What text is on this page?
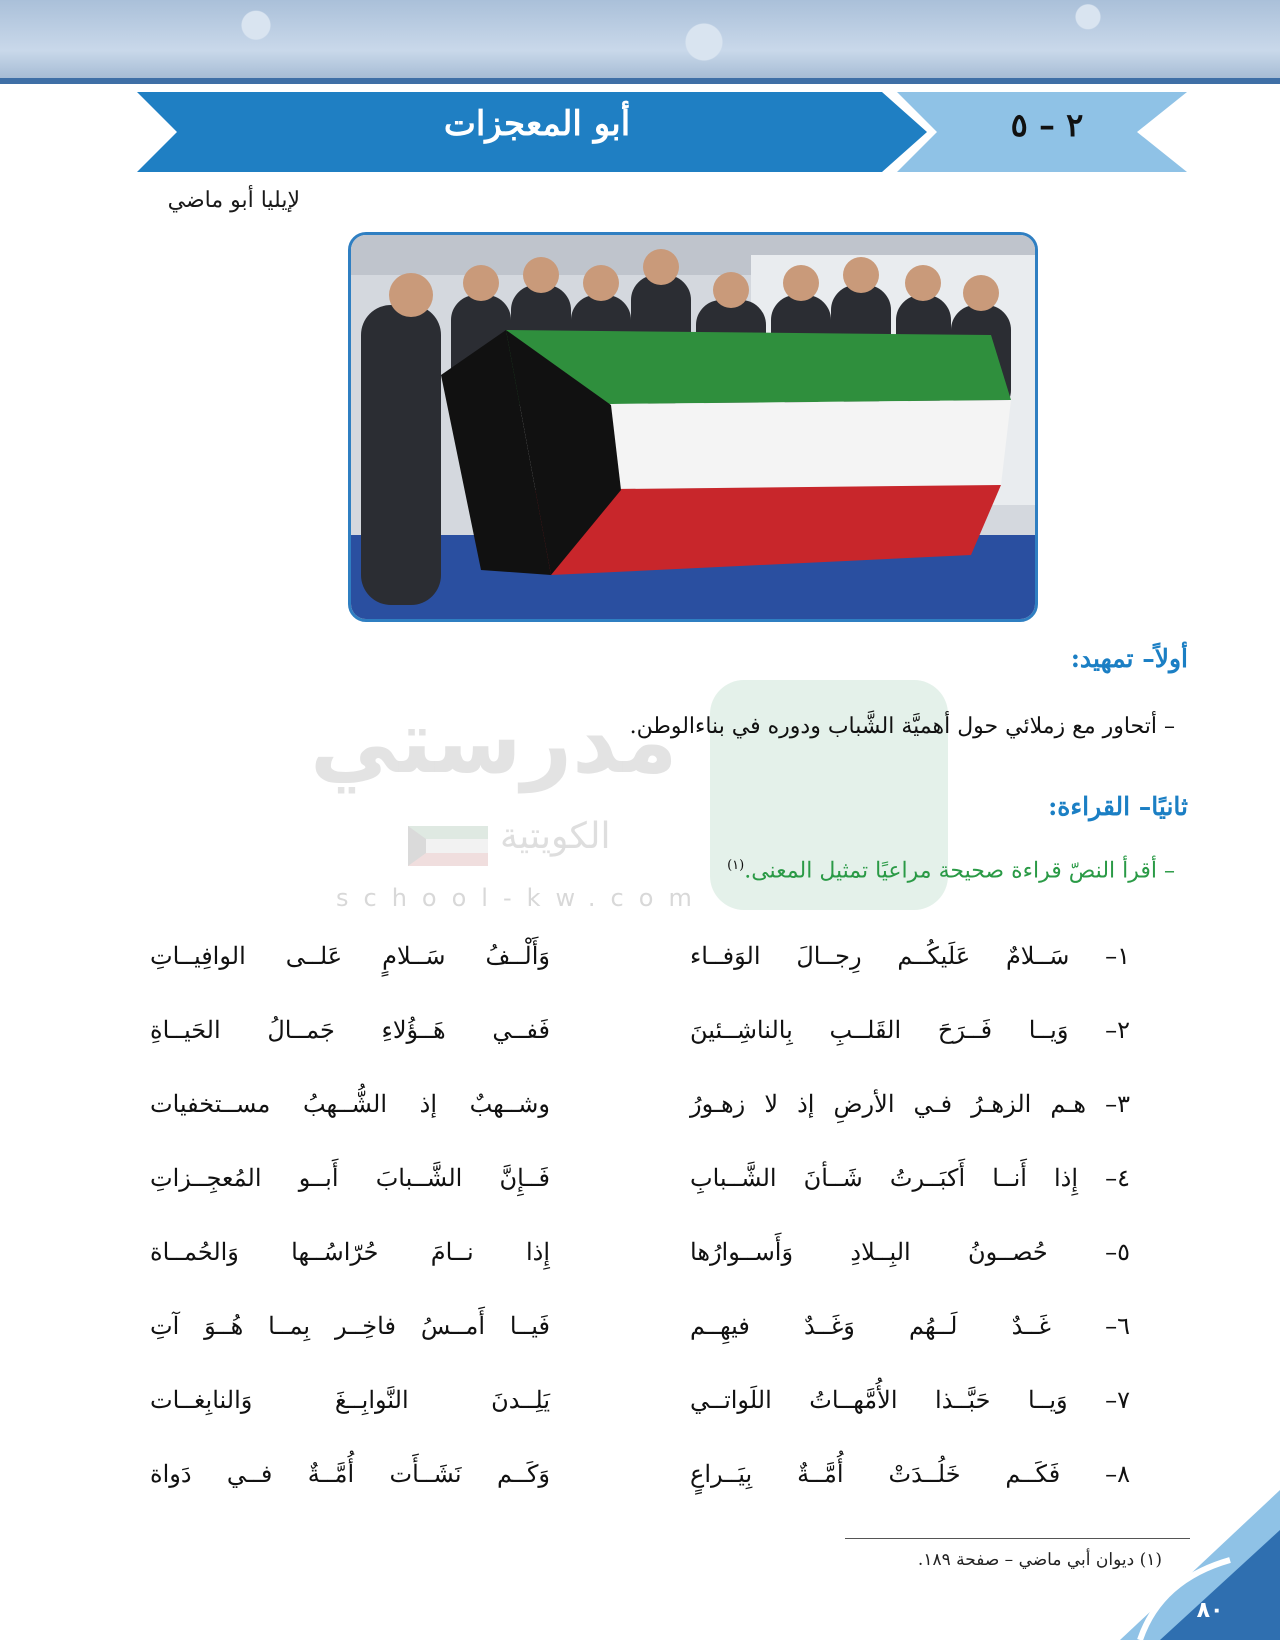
٢ – ٥
أبو المعجزات
لإيليا أبو ماضي
مدرستي
الكويتية
school-kw.com
أولاً– تمهيد:
– أتحاور مع زملائي حول أهميَّة الشَّباب ودوره في بناءالوطن.
ثانيًا– القراءة:
– أقرأ النصّ قراءة صحيحة مراعيًا تمثيل المعنى.$^{(١)}$
١– سَــلامٌ عَلَيكُــم رِجــالَ الوَفــاء
وَأَلْــفُ سَــلامٍ عَلــى الوافِيــاتِ
٢– وَيــا فَــرَحَ القَلــبِ بِالناشِــئينَ
فَفــي هَــؤُلاءِ جَمــالُ الحَيــاةِ
٣– هـم الزهـرُ فـي الأرضِ إذ لا زهـورُ
وشــهبٌ إذ الشُّــهبُ مســتخفيات
٤– إِذا أَنــا أَكبَــرتُ شَــأنَ الشَّــبابِ
فَــإِنَّ الشَّــبابَ أَبــو المُعجِــزاتِ
٥– حُصــونُ البِــلادِ وَأَســوارُها
إِذا نــامَ حُرّاسُــها وَالحُمــاة
٦– غَــدٌ لَــهُم وَغَــدٌ فيهِــم
فَيــا أَمــسُ فاخِــر بِمــا هُــوَ آتِ
٧– وَيــا حَبَّــذا الأُمَّهــاتُ اللَواتــي
يَلِــدنَ النَّوابِــغَ وَالنابِغــات
٨– فَكَــم خَلُــدَتْ أُمَّــةٌ بِيَــراعٍ
وَكَــم نَشَــأَت أُمَّــةٌ فــي دَواة
(١) ديوان أبي ماضي – صفحة ١٨٩.
٨٠
